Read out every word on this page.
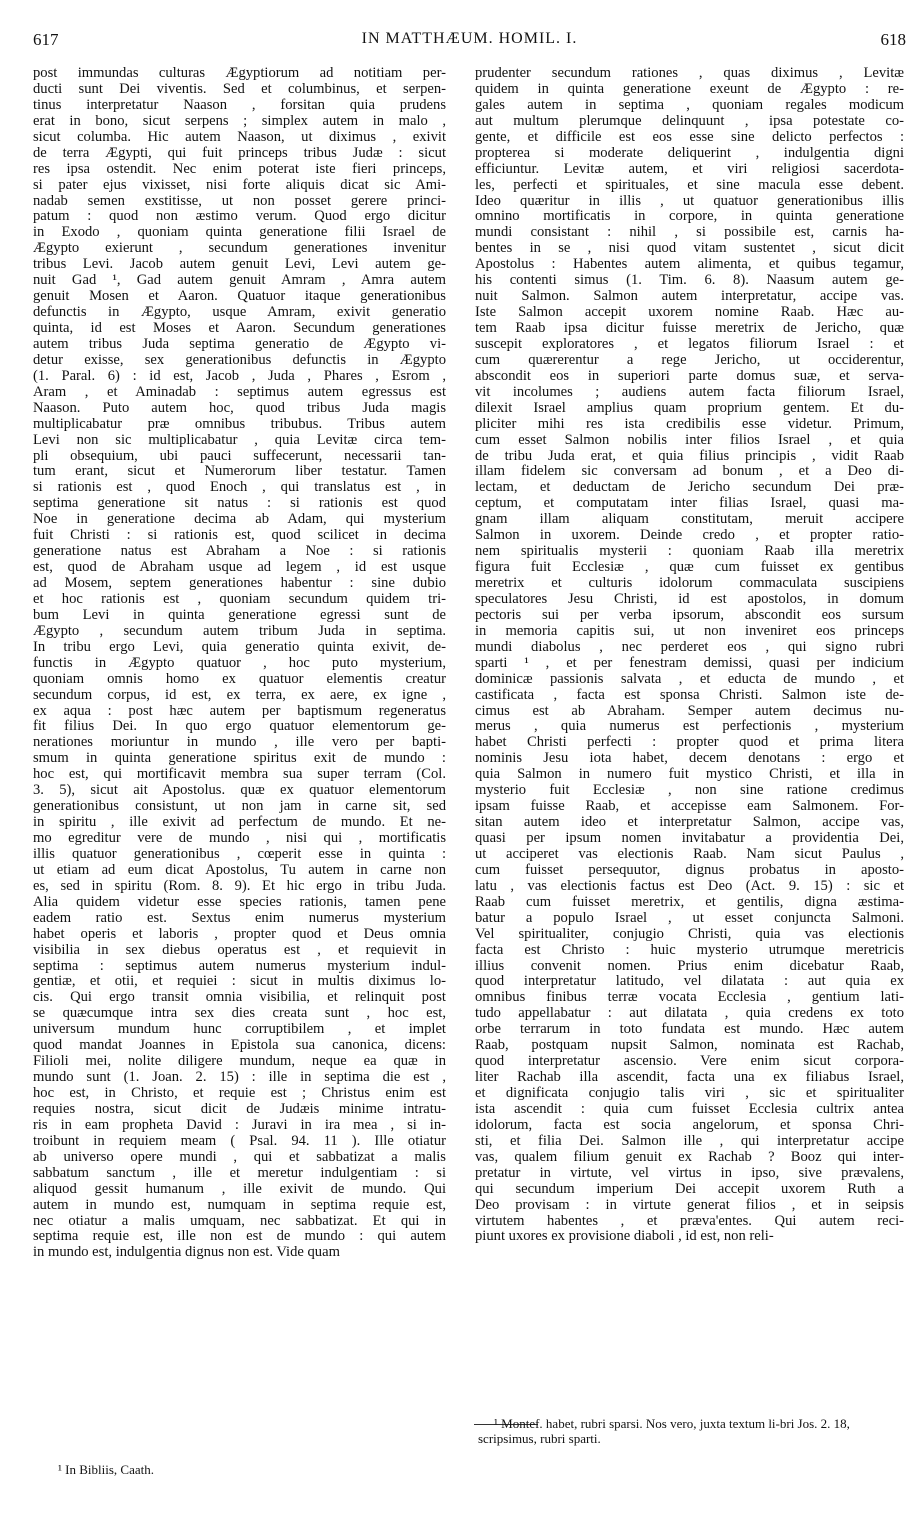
617	IN MATTHÆUM. HOMIL. I.	618
post immundas culturas Ægyptiorum ad notitiam per-
ducti sunt Dei viventis. Sed et columbinus, et serpen-
tinus interpretatur Naason , forsitan quia prudens
erat in bono, sicut serpens ; simplex autem in malo ,
sicut columba. Hic autem Naason, ut diximus , exivit
de terra Ægypti, qui fuit princeps tribus Judæ : sicut
res ipsa ostendit. Nec enim poterat iste fieri princeps,
si pater ejus vixisset, nisi forte aliquis dicat sic Ami-
nadab semen exstitisse, ut non posset gerere princi-
patum : quod non æstimo verum. Quod ergo dicitur
in Exodo , quoniam quinta generatione filii Israel de
Ægypto exierunt , secundum generationes invenitur
tribus Levi. Jacob autem genuit Levi, Levi autem ge-
nuit Gad ¹, Gad autem genuit Amram , Amra autem
genuit Mosen et Aaron. Quatuor itaque generationibus
defunctis in Ægypto, usque Amram, exivit generatio
quinta, id est Moses et Aaron. Secundum generationes
autem tribus Juda septima generatio de Ægypto vi-
detur exisse, sex generationibus defunctis in Ægypto
(1. Paral. 6) : id est, Jacob , Juda , Phares , Esrom ,
Aram , et Aminadab : septimus autem egressus est
Naason. Puto autem hoc, quod tribus Juda magis
multiplicabatur præ omnibus tribubus. Tribus autem
Levi non sic multiplicabatur , quia Levitæ circa tem-
pli obsequium, ubi pauci suffecerunt, necessarii tan-
tum erant, sicut et Numerorum liber testatur. Tamen
si rationis est , quod Enoch , qui translatus est , in
septima generatione sit natus : si rationis est quod
Noe in generatione decima ab Adam, qui mysterium
fuit Christi : si rationis est, quod scilicet in decima
generatione natus est Abraham a Noe : si rationis
est, quod de Abraham usque ad legem , id est usque
ad Mosem, septem generationes habentur : sine dubio
et hoc rationis est , quoniam secundum quidem tri-
bum Levi in quinta generatione egressi sunt de
Ægypto , secundum autem tribum Juda in septima.
In tribu ergo Levi, quia generatio quinta exivit, de-
functis in Ægypto quatuor , hoc puto mysterium,
quoniam omnis homo ex quatuor elementis creatur
secundum corpus, id est, ex terra, ex aere, ex igne ,
ex aqua : post hæc autem per baptismum regeneratus
fit filius Dei. In quo ergo quatuor elementorum ge-
nerationes moriuntur in mundo , ille vero per bapti-
smum in quinta generatione spiritus exit de mundo :
hoc est, qui mortificavit membra sua super terram (Col.
3. 5), sicut ait Apostolus. quæ ex quatuor elementorum
generationibus consistunt, ut non jam in carne sit, sed
in spiritu , ille exivit ad perfectum de mundo. Et ne-
mo egreditur vere de mundo , nisi qui , mortificatis
illis quatuor generationibus , cœperit esse in quinta :
ut etiam ad eum dicat Apostolus, Tu autem in carne non
es, sed in spiritu (Rom. 8. 9). Et hic ergo in tribu Juda.
Alia quidem videtur esse species rationis, tamen pene
eadem ratio est. Sextus enim numerus mysterium
habet operis et laboris , propter quod et Deus omnia
visibilia in sex diebus operatus est , et requievit in
septima : septimus autem numerus mysterium indul-
gentiæ, et otii, et requiei : sicut in multis diximus lo-
cis. Qui ergo transit omnia visibilia, et relinquit post
se quæcumque intra sex dies creata sunt , hoc est,
universum mundum hunc corruptibilem , et implet
quod mandat Joannes in Epistola sua canonica, dicens:
Filioli mei, nolite diligere mundum, neque ea quæ in
mundo sunt (1. Joan. 2. 15) : ille in septima die est ,
hoc est, in Christo, et requie est ; Christus enim est
requies nostra, sicut dicit de Judæis minime intratu-
ris in eam propheta David : Juravi in ira mea , si in-
troibunt in requiem meam ( Psal. 94. 11 ). Ille otiatur
ab universo opere mundi , qui et sabbatizat a malis
sabbatum sanctum , ille et meretur indulgentiam : si
aliquod gessit humanum , ille exivit de mundo. Qui
autem in mundo est, numquam in septima requie est,
nec otiatur a malis umquam, nec sabbatizat. Et qui in
septima requie est, ille non est de mundo : qui autem
in mundo est, indulgentia dignus non est. Vide quam
prudenter secundum rationes , quas diximus , Levitæ
quidem in quinta generatione exeunt de Ægypto : re-
gales autem in septima , quoniam regales modicum
aut multum plerumque delinquunt , ipsa potestate co-
gente, et difficile est eos esse sine delicto perfectos :
propterea si moderate deliquerint , indulgentia digni
efficiuntur. Levitæ autem, et viri religiosi sacerdota-
les, perfecti et spirituales, et sine macula esse debent.
Ideo quæritur in illis , ut quatuor generationibus illis
omnino mortificatis in corpore, in quinta generatione
mundi consistant : nihil , si possibile est, carnis ha-
bentes in se , nisi quod vitam sustentet , sicut dicit
Apostolus : Habentes autem alimenta, et quibus tegamur,
his contenti simus (1. Tim. 6. 8). Naasum autem ge-
nuit Salmon. Salmon autem interpretatur, accipe vas.
Iste Salmon accepit uxorem nomine Raab. Hæc au-
tem Raab ipsa dicitur fuisse meretrix de Jericho, quæ
suscepit exploratores , et legatos filiorum Israel : et
cum quærerentur a rege Jericho, ut occiderentur,
abscondit eos in superiori parte domus suæ, et serva-
vit incolumes ; audiens autem facta filiorum Israel,
dilexit Israel amplius quam proprium gentem. Et du-
pliciter mihi res ista credibilis esse videtur. Primum,
cum esset Salmon nobilis inter filios Israel , et quia
de tribu Juda erat, et quia filius principis , vidit Raab
illam fidelem sic conversam ad bonum , et a Deo di-
lectam, et deductam de Jericho secundum Dei præ-
ceptum, et computatam inter filias Israel, quasi ma-
gnam illam aliquam constitutam, meruit accipere
Salmon in uxorem. Deinde credo , et propter ratio-
nem spiritualis mysterii : quoniam Raab illa meretrix
figura fuit Ecclesiæ , quæ cum fuisset ex gentibus
meretrix et culturis idolorum commaculata suscipiens
speculatores Jesu Christi, id est apostolos, in domum
pectoris sui per verba ipsorum, abscondit eos sursum
in memoria capitis sui, ut non inveniret eos princeps
mundi diabolus , nec perderet eos , qui signo rubri
sparti ¹ , et per fenestram demissi, quasi per indicium
dominicæ passionis salvata , et educta de mundo , et
castificata , facta est sponsa Christi. Salmon iste de-
cimus est ab Abraham. Semper autem decimus nu-
merus , quia numerus est perfectionis , mysterium
habet Christi perfecti : propter quod et prima litera
nominis Jesu iota habet, decem denotans : ergo et
quia Salmon in numero fuit mystico Christi, et illa in
mysterio fuit Ecclesiæ , non sine ratione credimus
ipsam fuisse Raab, et accepisse eam Salmonem. For-
sitan autem ideo et interpretatur Salmon, accipe vas,
quasi per ipsum nomen invitabatur a providentia Dei,
ut acciperet vas electionis Raab. Nam sicut Paulus ,
cum fuisset persequutor, dignus probatus in aposto-
latu , vas electionis factus est Deo (Act. 9. 15) : sic et
Raab cum fuisset meretrix, et gentilis, digna æstima-
batur a populo Israel , ut esset conjuncta Salmoni.
Vel spiritualiter, conjugio Christi, quia vas electionis
facta est Christo : huic mysterio utrumque meretricis
illius convenit nomen. Prius enim dicebatur Raab,
quod interpretatur latitudo, vel dilatata : aut quia ex
omnibus finibus terræ vocata Ecclesia , gentium lati-
tudo appellabatur : aut dilatata , quia credens ex toto
orbe terrarum in toto fundata est mundo. Hæc autem
Raab, postquam nupsit Salmon, nominata est Rachab,
quod interpretatur ascensio. Vere enim sicut corpora-
liter Rachab illa ascendit, facta una ex filiabus Israel,
et dignificata conjugio talis viri , sic et spiritualiter
ista ascendit : quia cum fuisset Ecclesia cultrix antea
idolorum, facta est socia angelorum, et sponsa Chri-
sti, et filia Dei. Salmon ille , qui interpretatur accipe
vas, qualem filium genuit ex Rachab ? Booz qui inter-
pretatur in virtute, vel virtus in ipso, sive prævalens,
qui secundum imperium Dei accepit uxorem Ruth a
Deo provisam : in virtute generat filios , et in seipsis
virtutem habentes , et præva'entes. Qui autem reci-
piunt uxores ex provisione diaboli , id est, non reli-
¹ Montef. habet, rubri sparsi. Nos vero, juxta textum li-bri Jos. 2. 18, scripsimus, rubri sparti.
¹ In Bibliis, Caath.
